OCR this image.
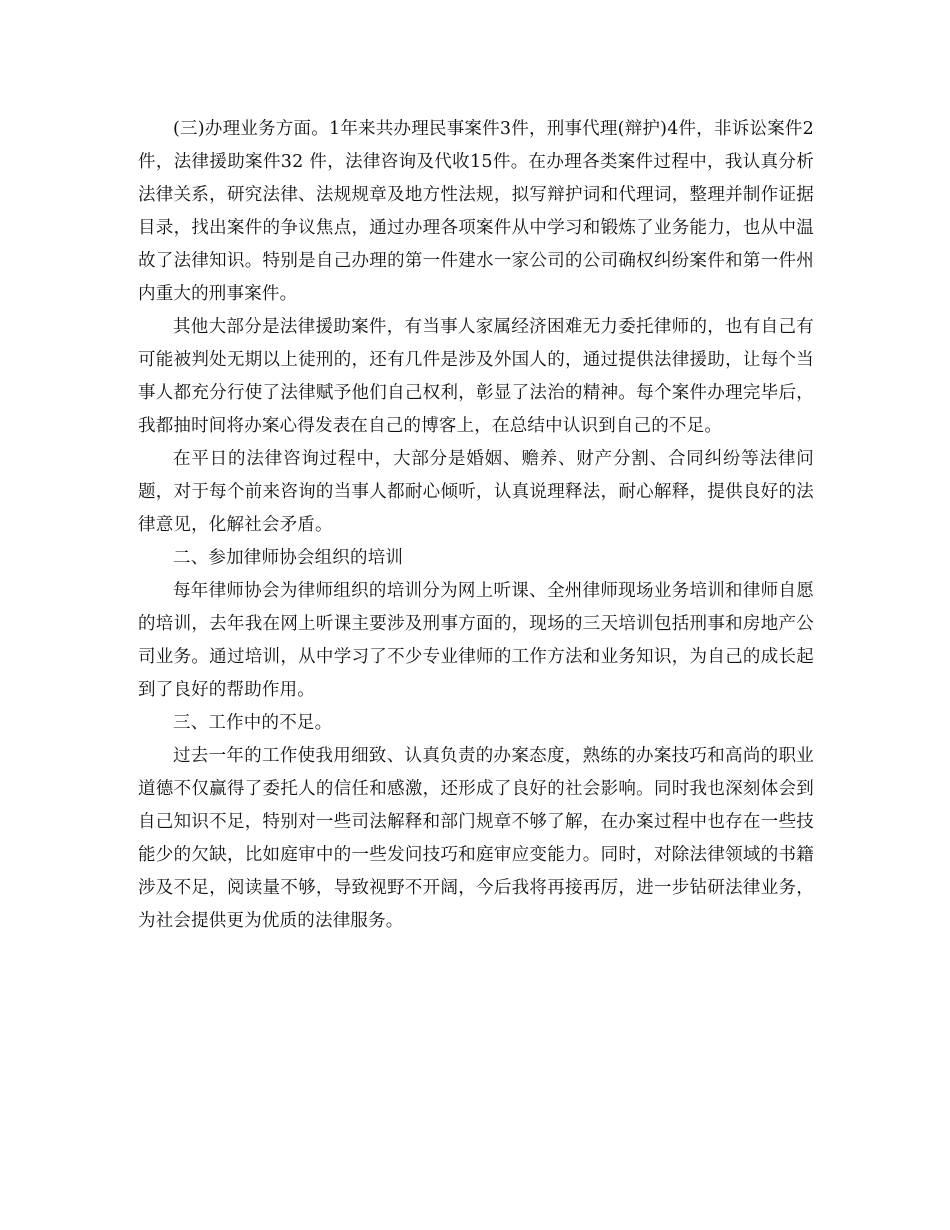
(三)办理业务方面。1年来共办理民事案件3件，刑事代理(辩护)4件，非诉讼案件2 件，法律援助案件32 件，法律咨询及代收15件。在办理各类案件过程中，我认真分析法律关系，研究法律、法规规章及地方性法规，拟写辩护词和代理词，整理并制作证据目录，找出案件的争议焦点，通过办理各项案件从中学习和锻炼了业务能力，也从中温故了法律知识。特别是自己办理的第一件建水一家公司的公司确权纠纷案件和第一件州内重大的刑事案件。

其他大部分是法律援助案件，有当事人家属经济困难无力委托律师的，也有自己有可能被判处无期以上徒刑的，还有几件是涉及外国人的，通过提供法律援助，让每个当事人都充分行使了法律赋予他们自己权利，彰显了法治的精神。每个案件办理完毕后，我都抽时间将办案心得发表在自己的博客上，在总结中认识到自己的不足。

在平日的法律咨询过程中，大部分是婚姻、赡养、财产分割、合同纠纷等法律问题，对于每个前来咨询的当事人都耐心倾听，认真说理释法，耐心解释，提供良好的法律意见，化解社会矛盾。

二、参加律师协会组织的培训

每年律师协会为律师组织的培训分为网上听课、全州律师现场业务培训和律师自愿的培训，去年我在网上听课主要涉及刑事方面的，现场的三天培训包括刑事和房地产公司业务。通过培训，从中学习了不少专业律师的工作方法和业务知识，为自己的成长起到了良好的帮助作用。

三、工作中的不足。

过去一年的工作使我用细致、认真负责的办案态度，熟练的办案技巧和高尚的职业道德不仅赢得了委托人的信任和感激，还形成了良好的社会影响。同时我也深刻体会到自己知识不足，特别对一些司法解释和部门规章不够了解，在办案过程中也存在一些技能少的欠缺，比如庭审中的一些发问技巧和庭审应变能力。同时，对除法律领域的书籍涉及不足，阅读量不够，导致视野不开阔，今后我将再接再厉，进一步钻研法律业务，为社会提供更为优质的法律服务。
